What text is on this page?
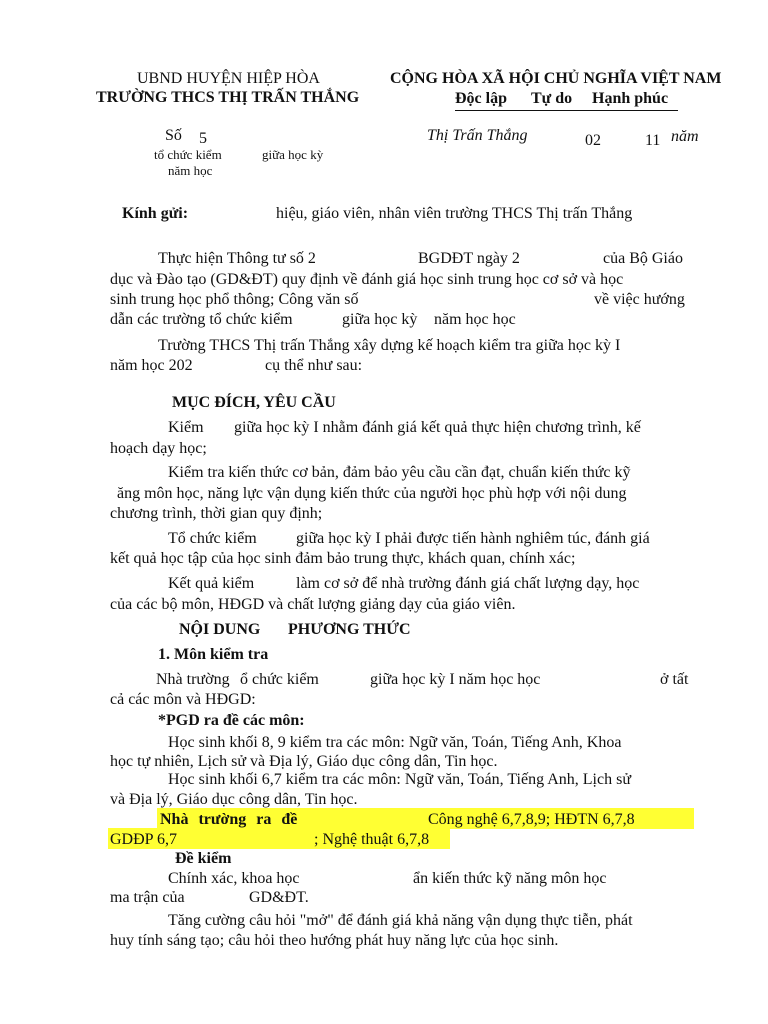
UBND HUYỆN HIỆP HÒA
TRƯỜNG THCS THỊ TRẤN THẮNG
CỘNG HÒA XÃ HỘI CHỦ NGHĨA VIỆT NAM
Độc lập Tự do Hạnh phúc
Số 5
tổ chức kiểm	giữa học kỳ
năm học
Thị Trấn Thắng	02	11 năm
Kính gửi:	hiệu, giáo viên, nhân viên trường THCS Thị trấn Thắng
Thực hiện Thông tư số 2	BGDĐT ngày 2	của Bộ Giáo
dục và Đào tạo (GD&ĐT) quy định về đánh giá học sinh trung học cơ sở và học
sinh trung học phổ thông; Công văn số	về việc hướng
dẫn các trường tổ chức kiểm	giữa học kỳ năm học học
Trường THCS Thị trấn Thắng xây dựng kế hoạch kiểm tra giữa học kỳ I
năm học 202	cụ thể như sau:
MỤC ĐÍCH, YÊU CẦU
Kiểm giữa học kỳ I nhằm đánh giá kết quả thực hiện chương trình, kế
hoạch dạy học;
Kiểm tra kiến thức cơ bản, đảm bảo yêu cầu cần đạt, chuẩn kiến thức kỹ
ăng môn học, năng lực vận dụng kiến thức của người học phù hợp với nội dung
chương trình, thời gian quy định;
Tổ chức kiểm giữa học kỳ I phải được tiến hành nghiêm túc, đánh giá
kết quả học tập của học sinh đảm bảo trung thực, khách quan, chính xác;
Kết quả kiểm	làm cơ sở để nhà trường đánh giá chất lượng dạy, học
của các bộ môn, HĐGD và chất lượng giảng dạy của giáo viên.
NỘI DUNG PHƯƠNG THỨC
1. Môn kiểm tra
Nhà trường ổ chức kiểm	giữa học kỳ I năm học học	ở tất
cả các môn và HĐGD:
*PGD ra đề các môn:
Học sinh khối 8, 9 kiểm tra các môn: Ngữ văn, Toán, Tiếng Anh, Khoa
học tự nhiên, Lịch sử và Địa lý, Giáo dục công dân, Tin học.
Học sinh khối 6,7 kiểm tra các môn: Ngữ văn, Toán, Tiếng Anh, Lịch sử
và Địa lý, Giáo dục công dân, Tin học.
Nhà trường ra đề	Công nghệ 6,7,8,9; HĐTN 6,7,8
GDĐP 6,7	; Nghệ thuật 6,7,8
Đề kiểm
Chính xác, khoa học	ẩn kiến thức kỹ năng môn học
ma trận của	GD&ĐT.
Tăng cường câu hỏi "mở" để đánh giá khả năng vận dụng thực tiễn, phát
huy tính sáng tạo; câu hỏi theo hướng phát huy năng lực của học sinh.
